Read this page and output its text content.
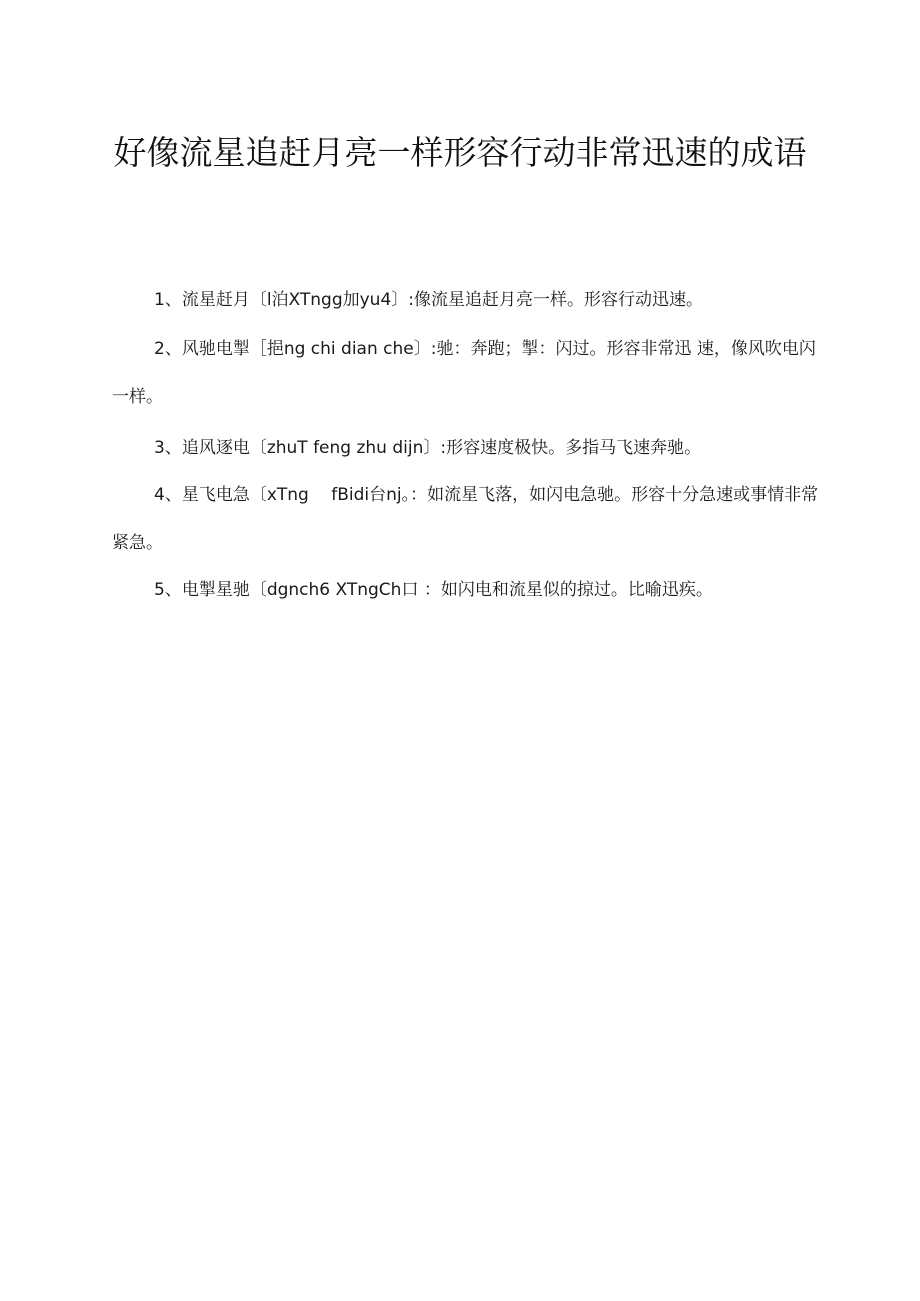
好像流星追赶月亮一样形容行动非常迅速的成语

1、流星赶月〔l泊XTngg加yu4〕:像流星追赶月亮一样。形容行动迅速。

2、风驰电掣［挹ng chi dian che〕:驰：奔跑；掣：闪过。形容非常迅 速，像风吹电闪一样。

3、追风逐电〔zhuT feng zhu dijn〕:形容速度极快。多指马飞速奔驰。

4、星飞电急〔xTng　 fBidi台nj。：如流星飞落，如闪电急驰。形容十分急速或事情非常紧急。

5、电掣星驰〔dgnch6 XTngCh口 ：如闪电和流星似的掠过。比喻迅疾。
